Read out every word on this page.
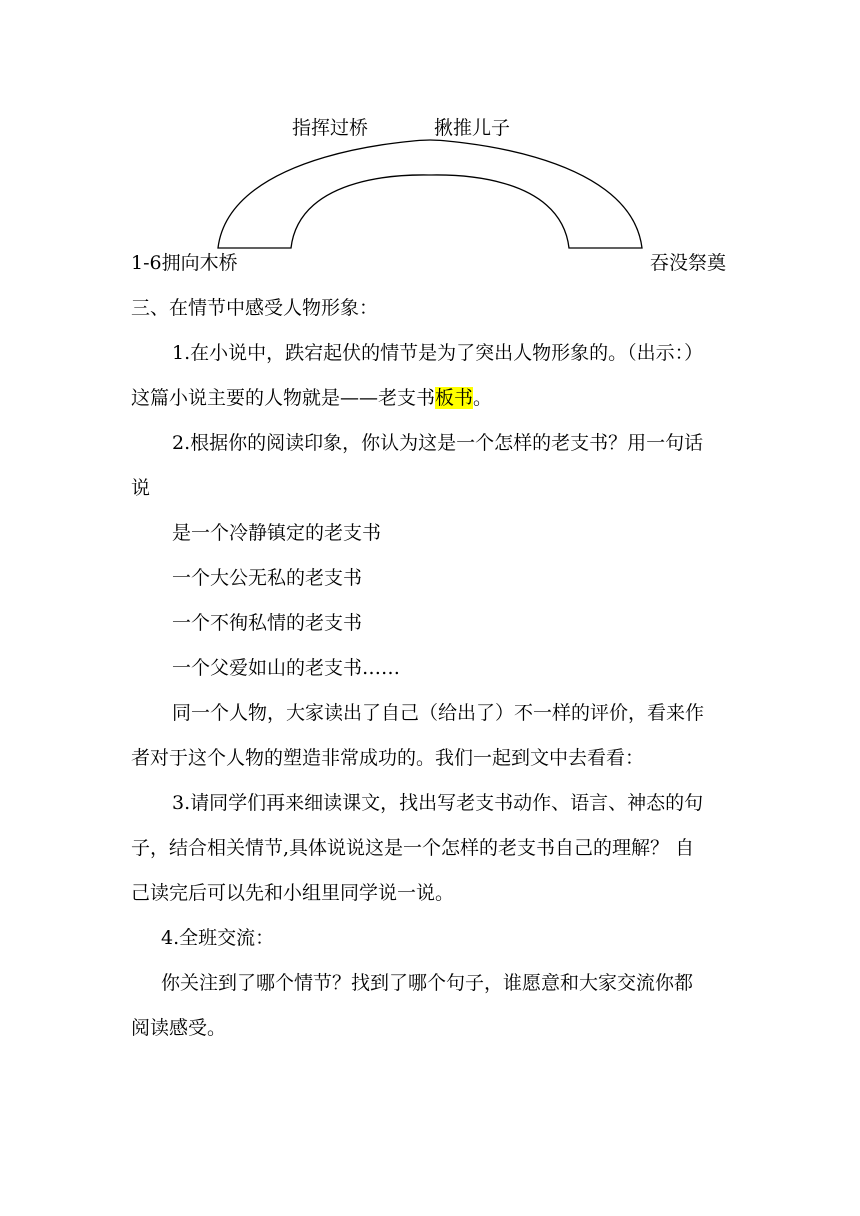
指挥过桥	揪推儿子
1-6拥向木桥	吞没祭奠
三、在情节中感受人物形象：
1.在小说中，跌宕起伏的情节是为了突出人物形象的。（出示：）
这篇小说主要的人物就是——老支书板书。
2.根据你的阅读印象，你认为这是一个怎样的老支书？用一句话
说
是一个冷静镇定的老支书
一个大公无私的老支书
一个不徇私情的老支书
一个父爱如山的老支书……
同一个人物，大家读出了自己（给出了）不一样的评价，看来作
者对于这个人物的塑造非常成功的。我们一起到文中去看看：
3.请同学们再来细读课文，找出写老支书动作、语言、神态的句
子，结合相关情节,具体说说这是一个怎样的老支书自己的理解？ 自
己读完后可以先和小组里同学说一说。
4.全班交流：
你关注到了哪个情节？找到了哪个句子，谁愿意和大家交流你都
阅读感受。
